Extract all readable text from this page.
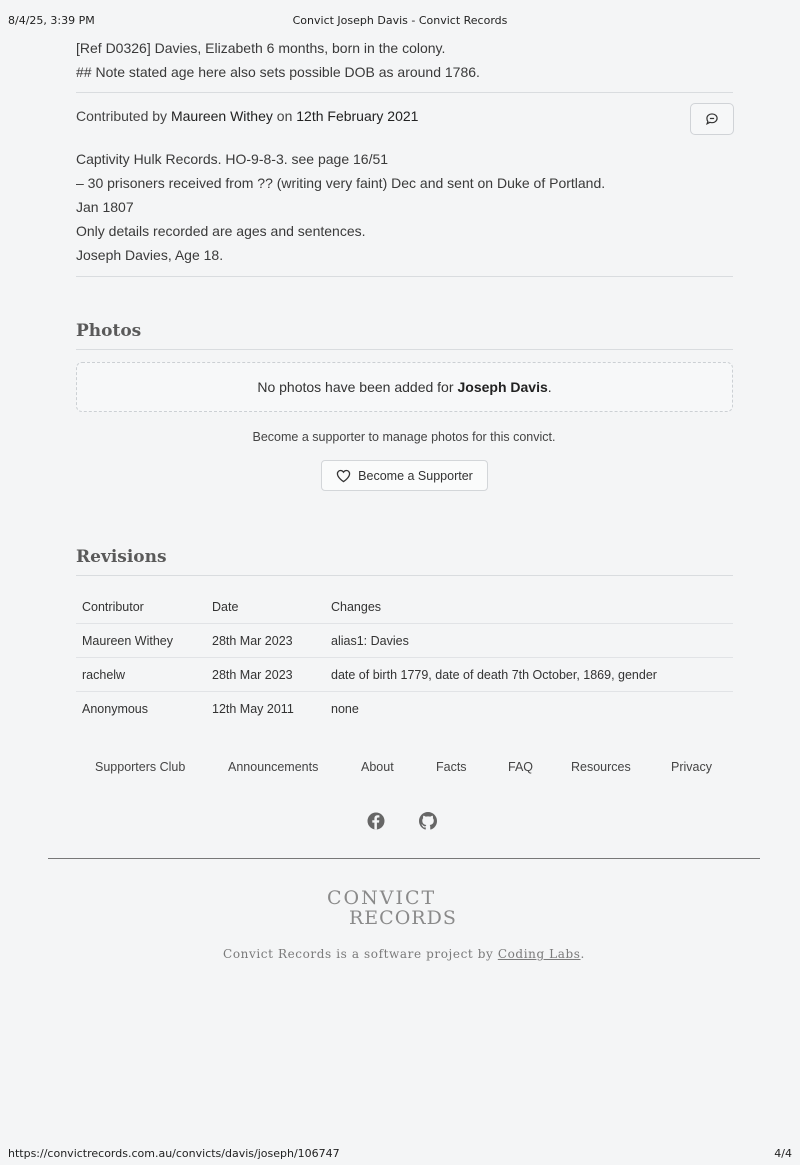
8/4/25, 3:39 PM	Convict Joseph Davis - Convict Records
[Ref D0326] Davies, Elizabeth 6 months, born in the colony.
## Note stated age here also sets possible DOB as around 1786.
Contributed by Maureen Withey on 12th February 2021
Captivity Hulk Records. HO-9-8-3. see page 16/51
– 30 prisoners received from ?? (writing very faint) Dec and sent on Duke of Portland.
Jan 1807
Only details recorded are ages and sentences.
Joseph Davies, Age 18.
Photos
No photos have been added for Joseph Davis .
Become a supporter to manage photos for this convict.
Become a Supporter
Revisions
Contributor	Date	Changes
Maureen Withey	28th Mar 2023	alias1: Davies
rachelw	28th Mar 2023	date of birth 1779, date of death 7th October, 1869, gender
Anonymous	12th May 2011	none
Supporters Club	Announcements	About	Facts	FAQ	Resources	Privacy
CONVICT
RECORDS
Convict Records is a software project by Coding Labs.
https://convictrecords.com.au/convicts/davis/joseph/106747	4/4
